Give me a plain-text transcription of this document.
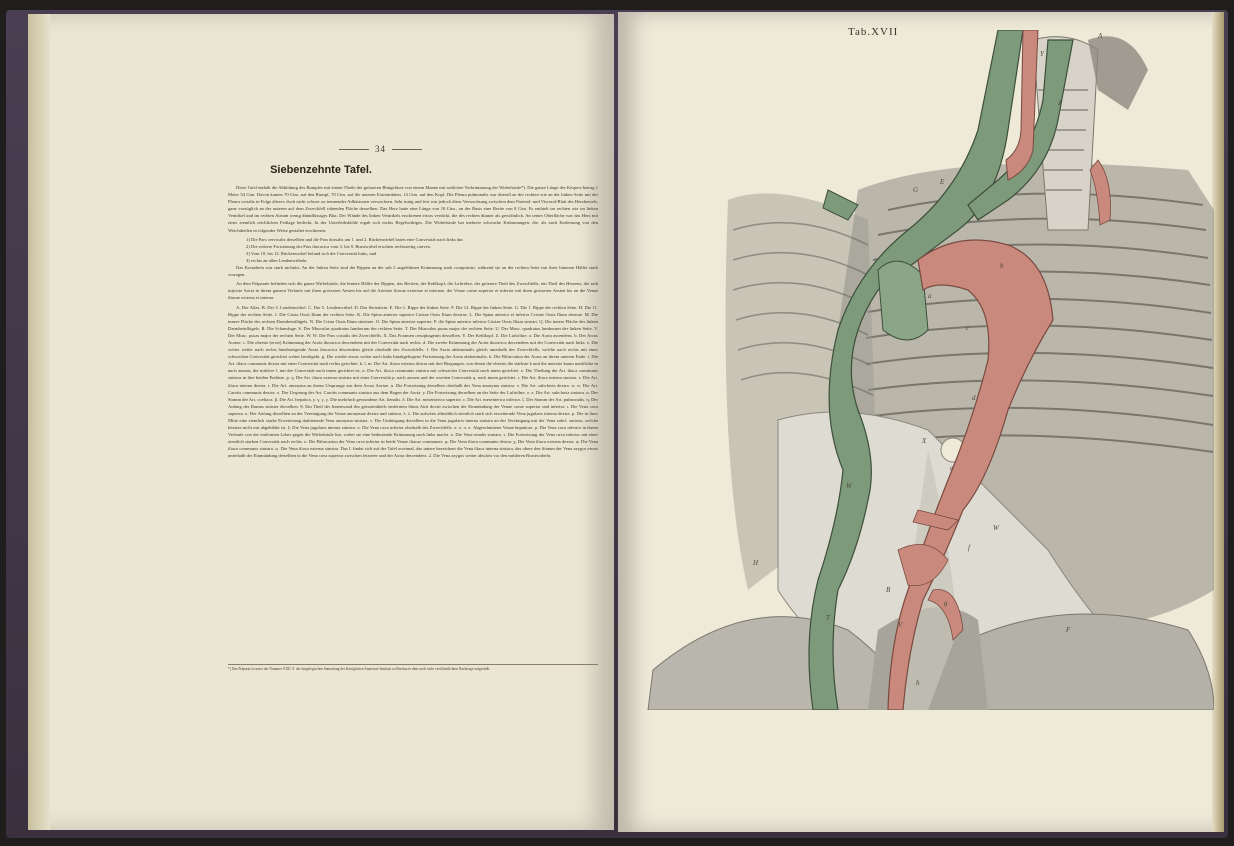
34
Siebenzehnte Tafel.

Diese Tafel enthält die Abbildung des Rumpfes mit einem Theile der grösseren Blutgefässe von einem Manne mit seitlicher Verkrümmung der Wirbelsäule*). Die ganze Länge des Körpers betrug 1 Meter 54 Ctm. Davon kamen 70 Ctm. auf den Rumpf, 70 Ctm. auf die unteren Extremitäten, 14 Ctm. auf den Kopf. Die Pleura pulmonalis war überall an der rechten wie an der linken Seite mit der Pleura costalis in Folge älterer, doch nicht schwer zu trennender Adhäsionen verwachsen. Sehr innig und fest war jedoch diese Verwachsung zwischen dem Parietal- und Visceral-Blatt des Herzbeutels, ganz vorzüglich an der unteren auf dem Zwerchfell ruhenden Fläche desselben. Das Herz hatte eine Länge von 10 Ctm., an der Basis eine Breite von 8 Ctm. Es enthielt im rechten wie im linken Ventrikel und im rechten Atrium wenig dünnflüssiges Blut. Der Wände des linken Ventrikels erschienen etwas verdickt, die des rechten dünner als gewöhnlich. An seiner Oberfläche war das Herz mit einer ziemlich reichlichen Fettlage bedeckt. In der Unterleibshöhle ergab sich nichts Regelwidriges. Die Wirbelsäule hat mehrere schwache Krümmungen, die, als nach Entfernung von den Weichtheilen in folgender Weise gestaltet erschienen:

1) Die Pars cervicalis derselben und die Pars dorsalis am 1. und 2. Rückenwirbel boten eine Convexität nach links dar.

2) Die weitere Fortsetzung der Pars thoracica vom 3. bis 9. Brustwirbel erschien rechtsseitig convex.

3) Vom 10. bis 12. Rückenwirbel befand sich die Convexität links, und

4) rechts an allen Lendenwirbeln.

Das Kreuzbein war stark inclinirt. An der linken Seite sind die Rippen an der sub 2 angeführten Krümmung stark comprimirt, während sie an der rechten Seite mit ihrer hinteren Hälfte stark vorragen.

An dem Präparate befinden sich die ganze Wirbelsäule, die hintere Hälfte der Rippen, das Becken, der Kehlkopf, die Luftröhre, der grössere Theil des Zwerchfells, ein Theil des Herzens, die roth injicirte Aorta in ihrem ganzen Verlaufe mit ihren grösseren Aesten bis auf die Arteriae iliacae externae et internae, die Venae cavae superior et inferior mit ihren grösseren Aesten bis an die Venae iliacae externa et interna.

A. Der Atlas. B. Der 3. Lendenwirbel. C. Der 5. Lendenwirbel. D. Das Steissbein. E. Die 1. Rippe der linken Seite. F. Die 12. Rippe der linken Seite. G. Die 1. Rippe der rechten Seite. H. Die 11. Rippe der rechten Seite. J. Die Crista Ossis Ilium der rechten Seite. K. Die Spina anterior superior Cristae Ossis Ilium dextrae. L. Die Spina anterior et inferior Cristae Ossis Ilium dextrae. M. Die innere Fläche des rechten Darmbeinflügels. N. Die Crista Ossis Ilium sinistrae. O. Die Spina anterior superior. P. die Spina anterior inferior Cristae Ossis Ilium sinistri. Q. Die innere Fläche des linken Darmbeinflügels. R. Die Schamfuge. S. Der Musculus quadratus lumborum der rechten Seite. T. Der Musculus psoas major der rechten Seite. U. Der Musc. quadratus lumborum der linken Seite. V. Der Musc. psoas major der rechten Seite. W. W. Die Pars costalis des Zwerchfells. X. Das Foramen oesophageum desselben. Y. Der Kehlkopf. Z. Die Luftröhre. a. Die Aorta ascendens. b. Der Arcus Aortae. c. Die oberste (erste) Krümmung der Aorta thoracica descendens mit der Convexität nach rechts. d. Die zweite Krümmung der Aorta thoracica descendens mit der Convexität nach links. e. Die weiter weiter nach rechts hinabsteigende Aorta thoracica descendens gleich oberhalb des Zwerchfells. f. Die Aorta abdominalis gleich unterhalb des Zwerchfells, welche nach rechts mit einer schwachen Convexität gerichtet weiter herabgeht. g. Die wieder etwas weiter nach links hinabgebogene Fortsetzung der Aorta abdominalis. h. Die Bifurcation der Aorta an ihrem unteren Ende. i. Die Art. iliaca communis dextra mit einer Convexität nach rechts gerichtet. k. l. m. Die Art. iliaca externa dextra mit drei Biegungen, von denen die oberste die stärkste k und die unterste kaum merkliche m nach aussen, die mittlere l. mit der Convexität nach innen gerichtet ist. n. Die Art. iliaca communis sinistra mit schwacher Convexität nach innen gerichtet. o. Die Theilung der Art. iliaca communis sinistra in ihre beiden Endäste. p. q. Die Art. iliaca externa sinistra mit einer Convexität p. nach aussen und der zweiten Convexität q. nach innen gerichtet. r. Die Art. iliaca interna sinistra. s. Die Art. iliaca interna dextra. t. Die Art. anonyma an ihrem Ursprunge aus dem Arcus Aortae. u. Die Fortsetzung derselben oberhalb des Vena anonyma sinistra. v. Die Art. subclavia dextra. w. w. Die Art. Carotis communis dextra. x. Der Ursprung der Art. Carotis communis sinistra aus dem Bogen der Aorta. y. Die Fortsetzung derselben an der Seite der Luftröhre. z. z. Die Art. subclavia sinistra. α. Der Stamm der Art. coeliaca. β. Die Art. hepatica. γ. γ. γ. γ. Die mehrfach gewundene Art. lienalis. δ. Die Art. mesenterica superior. ε. Die Art. mesenterica inferior. ζ. Der Stamm der Art. pulmonalis. η. Der Anfang des Ramus sinister derselben. θ. Ein Theil der Innenwand des grösstentheils entfernten Sinus Atrii dextri zwischen der Einmündung der Venae cavae superior und inferior. ι. Die Vena cava superior. κ. Der Anfang derselben an der Vereinigung der Venae anonymae dextra und sinistra. λ. λ. Die aufwärts allmählich ziemlich stark sich erweiternde Vena jugularis interna dextra. μ. Die in ihrer Mitte eine ziemlich starke Erweiterung darbietende Vena anonyma sinistra. ν. Die Umbiegung derselben in die Vena jugularis interna sinistra an der Vereinigung mit der Vena subcl. sinistra, welche letztere nicht mit abgebildet ist. ξ. Die Vena jugularis interna sinistra. ο. Die Vena cava inferior oberhalb des Zwerchfells. π. π. π. π. Abgeschnittene Venae hepaticae. ρ. Die Vena cava inferior in ihrem Verlaufe von der entfernten Leber gegen die Wirbelsäule hin, wobei sie eine bedeutende Krümmung nach links macht. σ. Die Vena renalis sinistra. τ. Die Fortsetzung der Vena cava inferior mit einer ziemlich starken Convexität nach rechts. υ. Die Bifurcation der Vena cava inferior in beide Venae iliacae communes. φ. Die Vena iliaca communis dextra. χ. Die Vena iliaca externa dextra. ψ. Die Vena iliaca communis sinistra. ω. Die Vena iliaca externa sinistra. Das I. findet sich auf der Tafel zweimal, das untere bezeichnet die Vena iliaca interna sinistra, das obere den Stamm der Vena azygos etwas unterhalb der Einmündung derselben in die Vena cava superior zwischen letzterer und der Aorta descendens. 2. Die Vena azygos weiter abwärts vor den mittleren Brustwirbeln.

*) Das Präparat ist unter der Nummer XXII. 9. der dargelegischen Sammlung der Königlichen Anatomie-Instituts zu Breslau in dem noch nicht veröffentlichten Nachtrage aufgestellt.
Tab.XVII	A
Y
Z
G
E
a
b
c
d
e
X
W
W
B
F
H
T
V
f
g
h
